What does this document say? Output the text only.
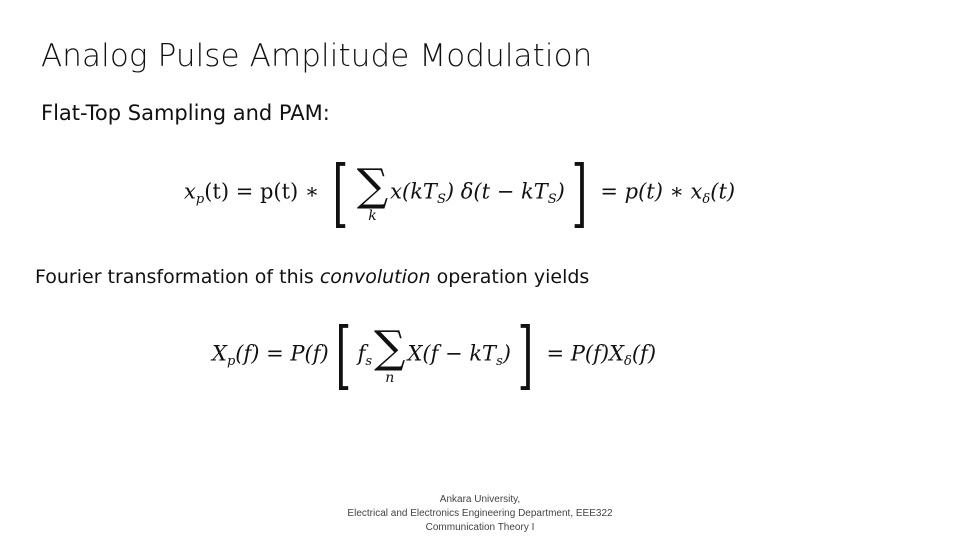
Analog Pulse Amplitude Modulation
Flat-Top Sampling and PAM:
$x_p(t) = p(t)$ ∗ [ ∑
k
$x(kT_S) \delta(t - kT_S)] = p(t)$ ∗ $x_\delta(t)$
Fourier transformation of this convolution operation yields
$X_p(f) = P(f)$[ $f_s$ ∑
n
$X(f - kT_s)] = P(f)X_\delta(f)$
Ankara University,
Electrical and Electronics Engineering Department, EEE322
Communication Theory I
